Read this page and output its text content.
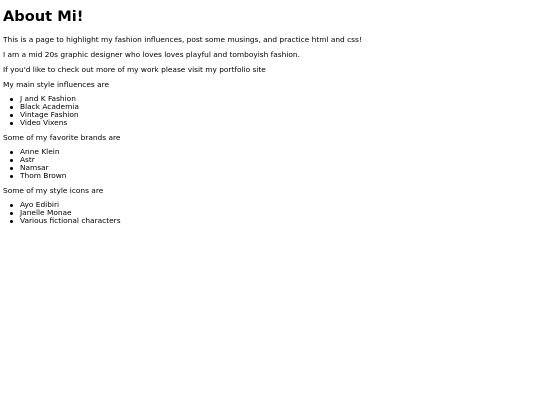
About Mi!

This is a page to highlight my fashion influences, post some musings, and practice html and css!

I am a mid 20s graphic designer who loves loves playful and tomboyish fashion.

If you'd like to check out more of my work please visit my portfolio site

My main style influences are

J and K Fashion
Black Academia
Vintage Fashion
Video Vixens

Some of my favorite brands are

Anne Klein
Astr
Namsar
Thom Brown

Some of my style icons are

Ayo Edibiri
Janelle Monae
Various fictional characters
